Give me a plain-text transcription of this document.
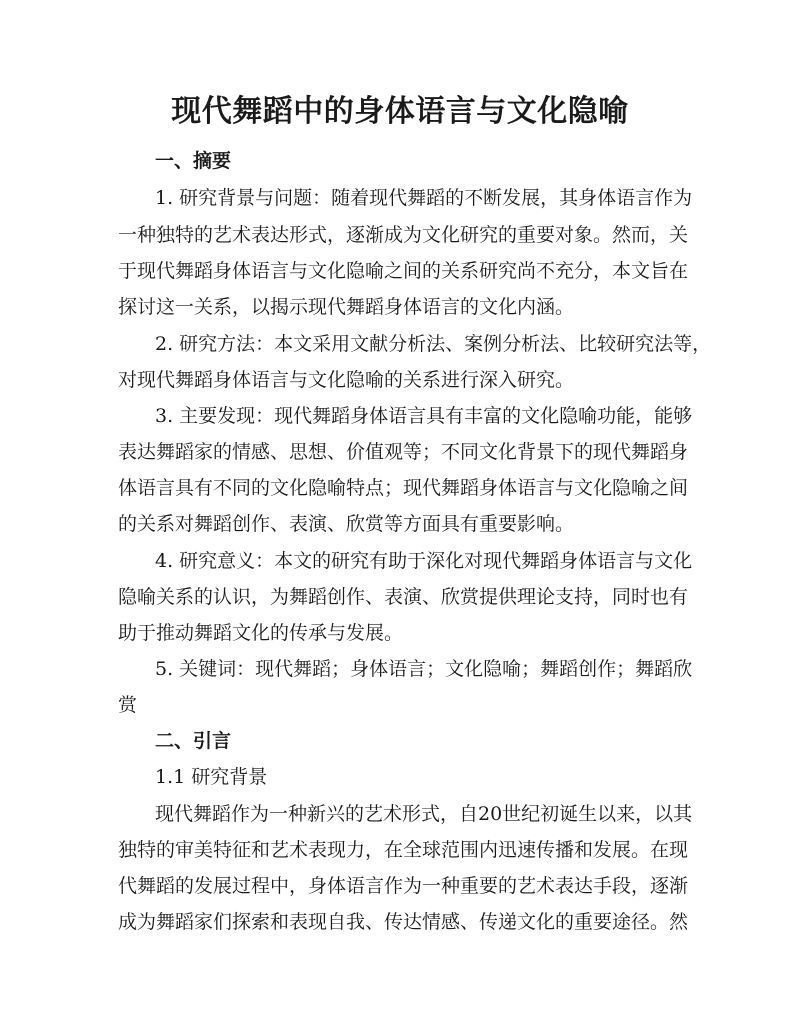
现代舞蹈中的身体语言与文化隐喻
一、摘要

1. 研究背景与问题：随着现代舞蹈的不断发展，其身体语言作为

一种独特的艺术表达形式，逐渐成为文化研究的重要对象。然而，关

于现代舞蹈身体语言与文化隐喻之间的关系研究尚不充分，本文旨在

探讨这一关系，以揭示现代舞蹈身体语言的文化内涵。

2. 研究方法：本文采用文献分析法、案例分析法、比较研究法等，

对现代舞蹈身体语言与文化隐喻的关系进行深入研究。

3. 主要发现：现代舞蹈身体语言具有丰富的文化隐喻功能，能够

表达舞蹈家的情感、思想、价值观等；不同文化背景下的现代舞蹈身

体语言具有不同的文化隐喻特点；现代舞蹈身体语言与文化隐喻之间

的关系对舞蹈创作、表演、欣赏等方面具有重要影响。

4. 研究意义：本文的研究有助于深化对现代舞蹈身体语言与文化

隐喻关系的认识，为舞蹈创作、表演、欣赏提供理论支持，同时也有

助于推动舞蹈文化的传承与发展。

5. 关键词：现代舞蹈；身体语言；文化隐喻；舞蹈创作；舞蹈欣

赏

二、引言

1.1 研究背景

现代舞蹈作为一种新兴的艺术形式，自20世纪初诞生以来，以其

独特的审美特征和艺术表现力，在全球范围内迅速传播和发展。在现

代舞蹈的发展过程中，身体语言作为一种重要的艺术表达手段，逐渐

成为舞蹈家们探索和表现自我、传达情感、传递文化的重要途径。然
